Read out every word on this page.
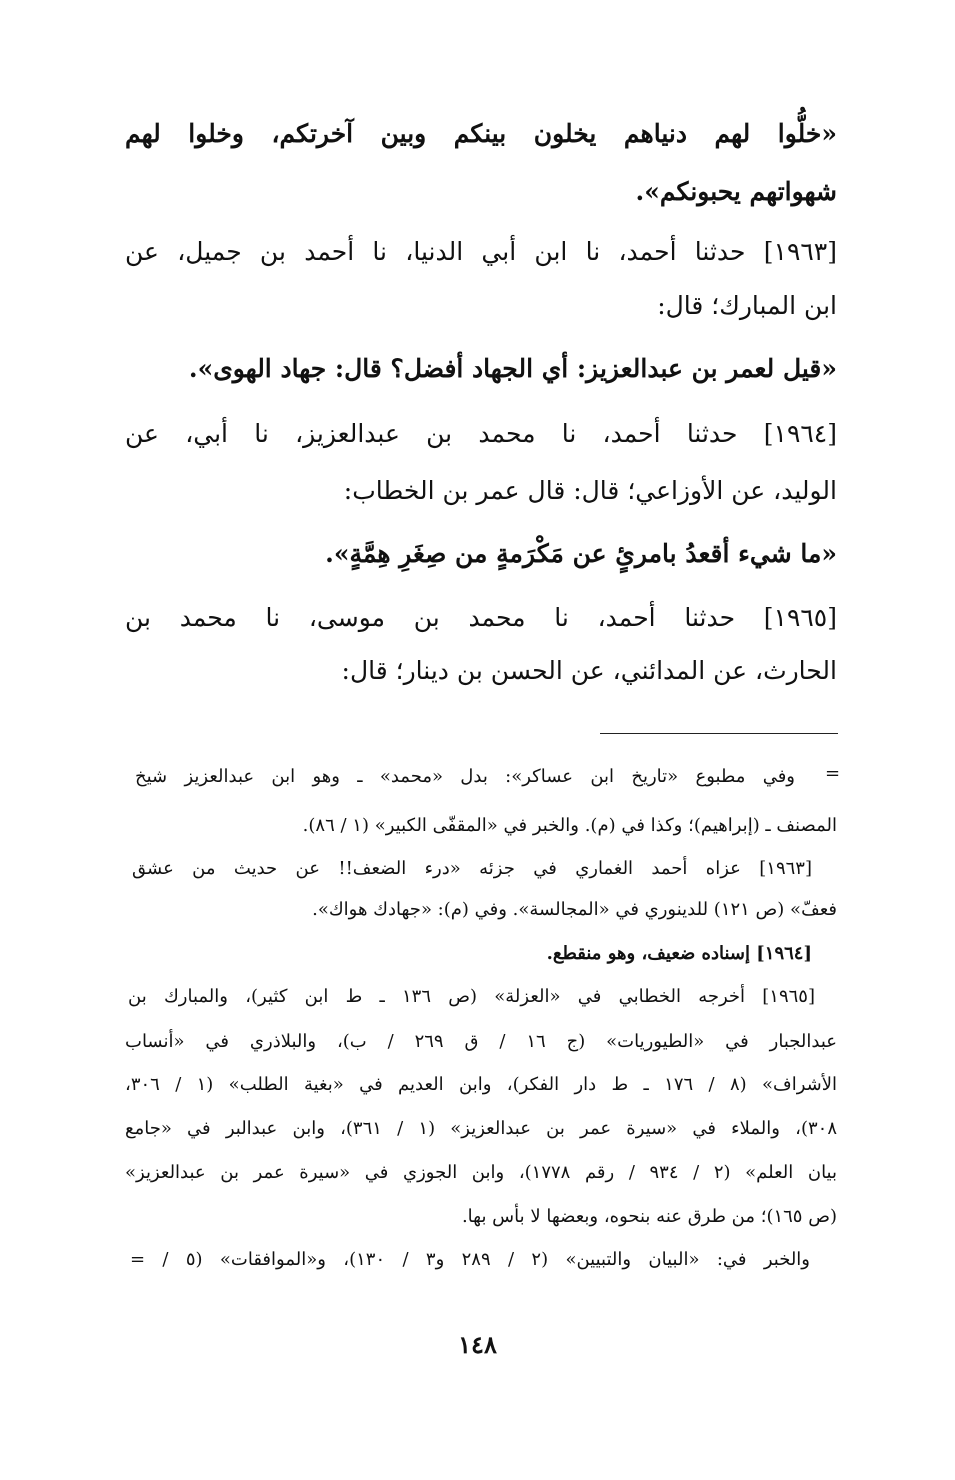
«خلُّوا لهم دنياهم يخلون بينكم وبين آخرتكم، وخلوا لهم
شهواتهم يحبونكم».
[١٩٦٣] حدثنا أحمد، نا ابن أبي الدنيا، نا أحمد بن جميل، عن
ابن المبارك؛ قال:
«قيل لعمر بن عبدالعزيز: أي الجهاد أفضل؟ قال: جهاد الهوى».
[١٩٦٤] حدثنا أحمد، نا محمد بن عبدالعزيز، نا أبي، عن
الوليد، عن الأوزاعي؛ قال: قال عمر بن الخطاب:
«ما شيء أقعدُ بامرئٍ عن مَكْرَمةٍ من صِغَرِ هِمَّةٍ».
[١٩٦٥] حدثنا أحمد، نا محمد بن موسى، نا محمد بن
الحارث، عن المدائني، عن الحسن بن دينار؛ قال:
=
وفي مطبوع «تاريخ ابن عساكر»: بدل «محمد» ـ وهو ابن عبدالعزيز شيخ
المصنف ـ (إبراهيم)؛ وكذا في (م). والخبر في «المقفّى الكبير» (١ / ٨٦).
[١٩٦٣] عزاه أحمد الغماري في جزئه «درء الضعف!! عن حديث من عشق
فعفّ» (ص ١٢١) للدينوري في «المجالسة». وفي (م): «جهادك هواك».
[١٩٦٤] إسناده ضعيف، وهو منقطع.
[١٩٦٥] أخرجه الخطابي في «العزلة» (ص ١٣٦ ـ ط ابن كثير)، والمبارك بن
عبدالجبار في «الطيوريات» (ج ١٦ / ق ٢٦٩ / ب)، والبلاذري في «أنساب
الأشراف» (٨ / ١٧٦ ـ ط دار الفكر)، وابن العديم في «بغية الطلب» (١ / ٣٠٦،
٣٠٨)، والملاء في «سيرة عمر بن عبدالعزيز» (١ / ٣٦١)، وابن عبدالبر في «جامع
بيان العلم» (٢ / ٩٣٤ / رقم ١٧٧٨)، وابن الجوزي في «سيرة عمر بن عبدالعزيز»
(ص ١٦٥)؛ من طرق عنه بنحوه، وبعضها لا بأس بها.
والخبر في: «البيان والتبيين» (٢ / ٢٨٩ و٣ / ١٣٠)، و«الموافقات» (٥ / =
١٤٨
